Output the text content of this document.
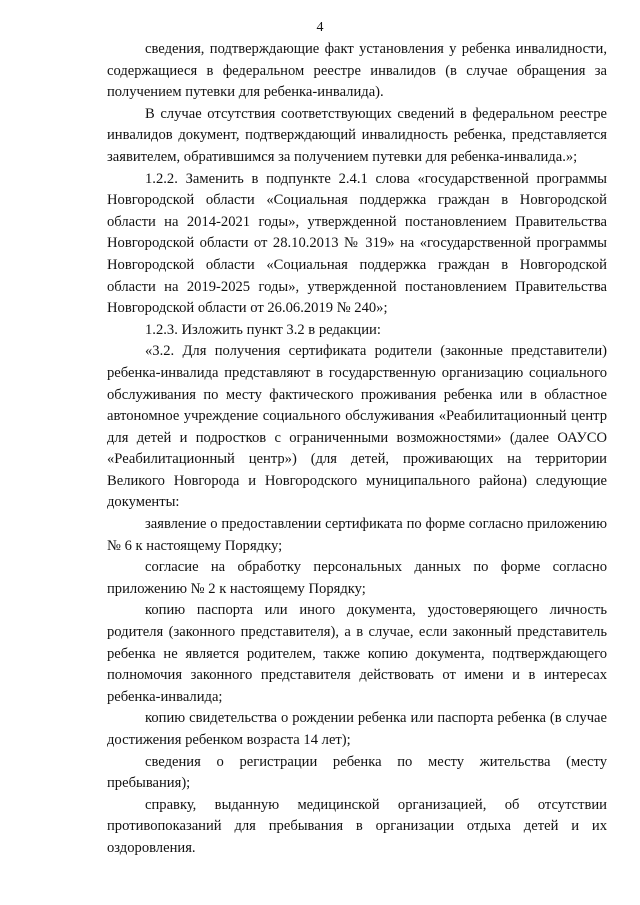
4

сведения, подтверждающие факт установления у ребенка инвалидности, содержащиеся в федеральном реестре инвалидов (в случае обращения за получением путевки для ребенка-инвалида).

В случае отсутствия соответствующих сведений в федеральном реестре инвалидов документ, подтверждающий инвалидность ребенка, представляется заявителем, обратившимся за получением путевки для ребенка-инвалида.»;

1.2.2. Заменить в подпункте 2.4.1 слова «государственной программы Новгородской области «Социальная поддержка граждан в Новгородской области на 2014-2021 годы», утвержденной постановлением Правительства Новгородской области от 28.10.2013 № 319» на «государственной программы Новгородской области «Социальная поддержка граждан в Новгородской области на 2019-2025 годы», утвержденной постановлением Правительства Новгородской области от 26.06.2019 № 240»;

1.2.3. Изложить пункт 3.2 в редакции:

«3.2. Для получения сертификата родители (законные представители) ребенка-инвалида представляют в государственную организацию социального обслуживания по месту фактического проживания ребенка или в областное автономное учреждение социального обслуживания «Реабилитационный центр для детей и подростков с ограниченными возможностями» (далее ОАУСО «Реабилитационный центр») (для детей, проживающих на территории Великого Новгорода и Новгородского муниципального района) следующие документы:

заявление о предоставлении сертификата по форме согласно приложению № 6 к настоящему Порядку;

согласие на обработку персональных данных по форме согласно приложению № 2 к настоящему Порядку;

копию паспорта или иного документа, удостоверяющего личность родителя (законного представителя), а в случае, если законный представитель ребенка не является родителем, также копию документа, подтверждающего полномочия законного представителя действовать от имени и в интересах ребенка-инвалида;

копию свидетельства о рождении ребенка или паспорта ребенка (в случае достижения ребенком возраста 14 лет);

сведения о регистрации ребенка по месту жительства (месту пребывания);

справку, выданную медицинской организацией, об отсутствии противопоказаний для пребывания в организации отдыха детей и их оздоровления.
